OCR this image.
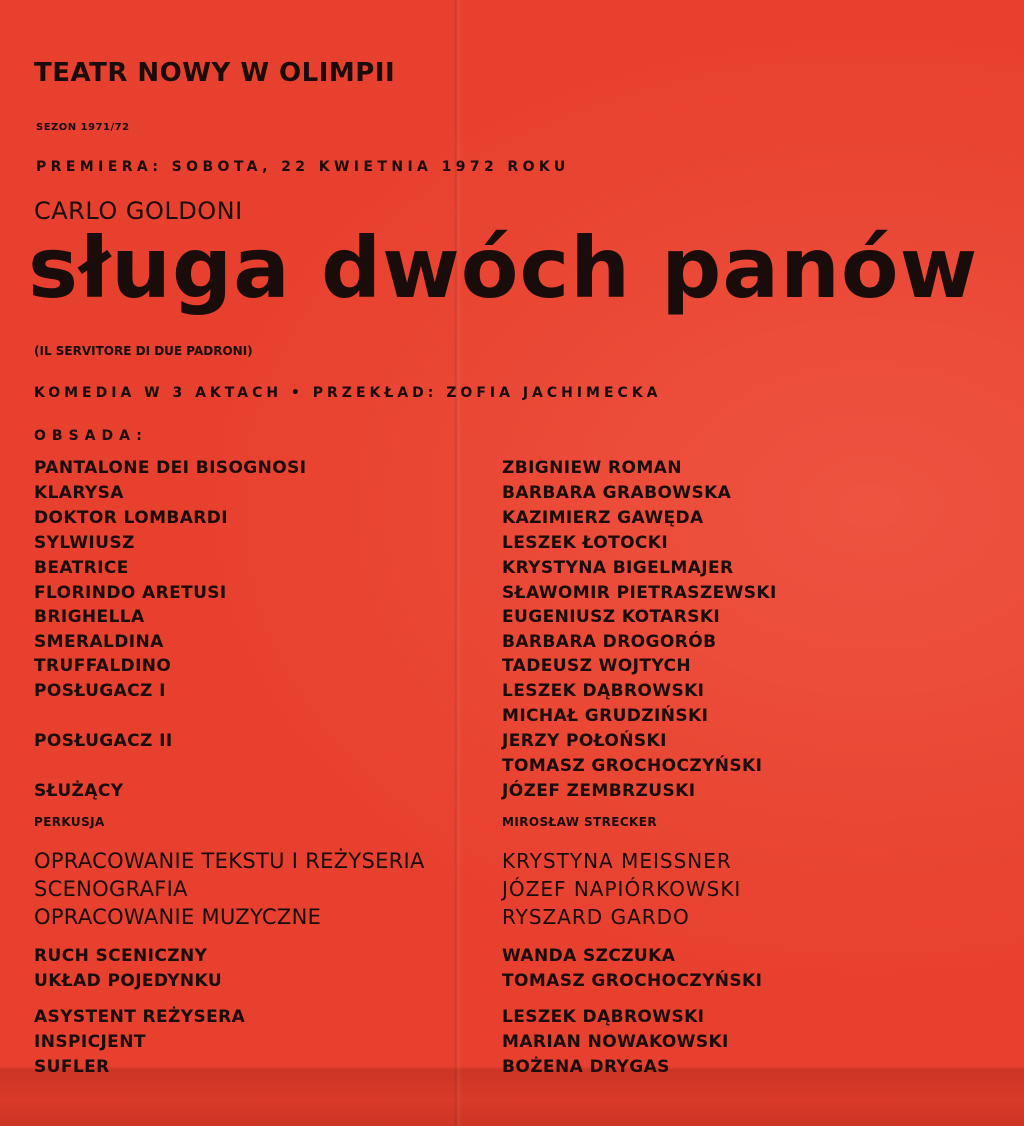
TEATR NOWY W OLIMPII
SEZON 1971/72
PREMIERA: SOBOTA, 22 KWIETNIA 1972 ROKU
CARLO GOLDONI
sługa dwóch panów
(IL SERVITORE DI DUE PADRONI)
KOMEDIA W 3 AKTACH • PRZEKŁAD: ZOFIA JACHIMECKA
OBSADA:
PANTALONE DEI BISOGNOSI
KLARYSA
DOKTOR LOMBARDI
SYLWIUSZ
BEATRICE
FLORINDO ARETUSI
BRIGHELLA
SMERALDINA
TRUFFALDINO
POSŁUGACZ I
POSŁUGACZ II
SŁUŻĄCY
PERKUSJA
ZBIGNIEW ROMAN
BARBARA GRABOWSKA
KAZIMIERZ GAWĘDA
LESZEK ŁOTOCKI
KRYSTYNA BIGELMAJER
SŁAWOMIR PIETRASZEWSKI
EUGENIUSZ KOTARSKI
BARBARA DROGORÓB
TADEUSZ WOJTYCH
LESZEK DĄBROWSKI
MICHAŁ GRUDZIŃSKI
JERZY POŁOŃSKI
TOMASZ GROCHOCZYŃSKI
JÓZEF ZEMBRZUSKI
MIROSŁAW STRECKER
OPRACOWANIE TEKSTU I REŻYSERIA
SCENOGRAFIA
OPRACOWANIE MUZYCZNE
RUCH SCENICZNY
UKŁAD POJEDYNKU
ASYSTENT REŻYSERA
INSPICJENT
SUFLER
KRYSTYNA MEISSNER
JÓZEF NAPIÓRKOWSKI
RYSZARD GARDO
WANDA SZCZUKA
TOMASZ GROCHOCZYŃSKI
LESZEK DĄBROWSKI
MARIAN NOWAKOWSKI
BOŻENA DRYGAS
